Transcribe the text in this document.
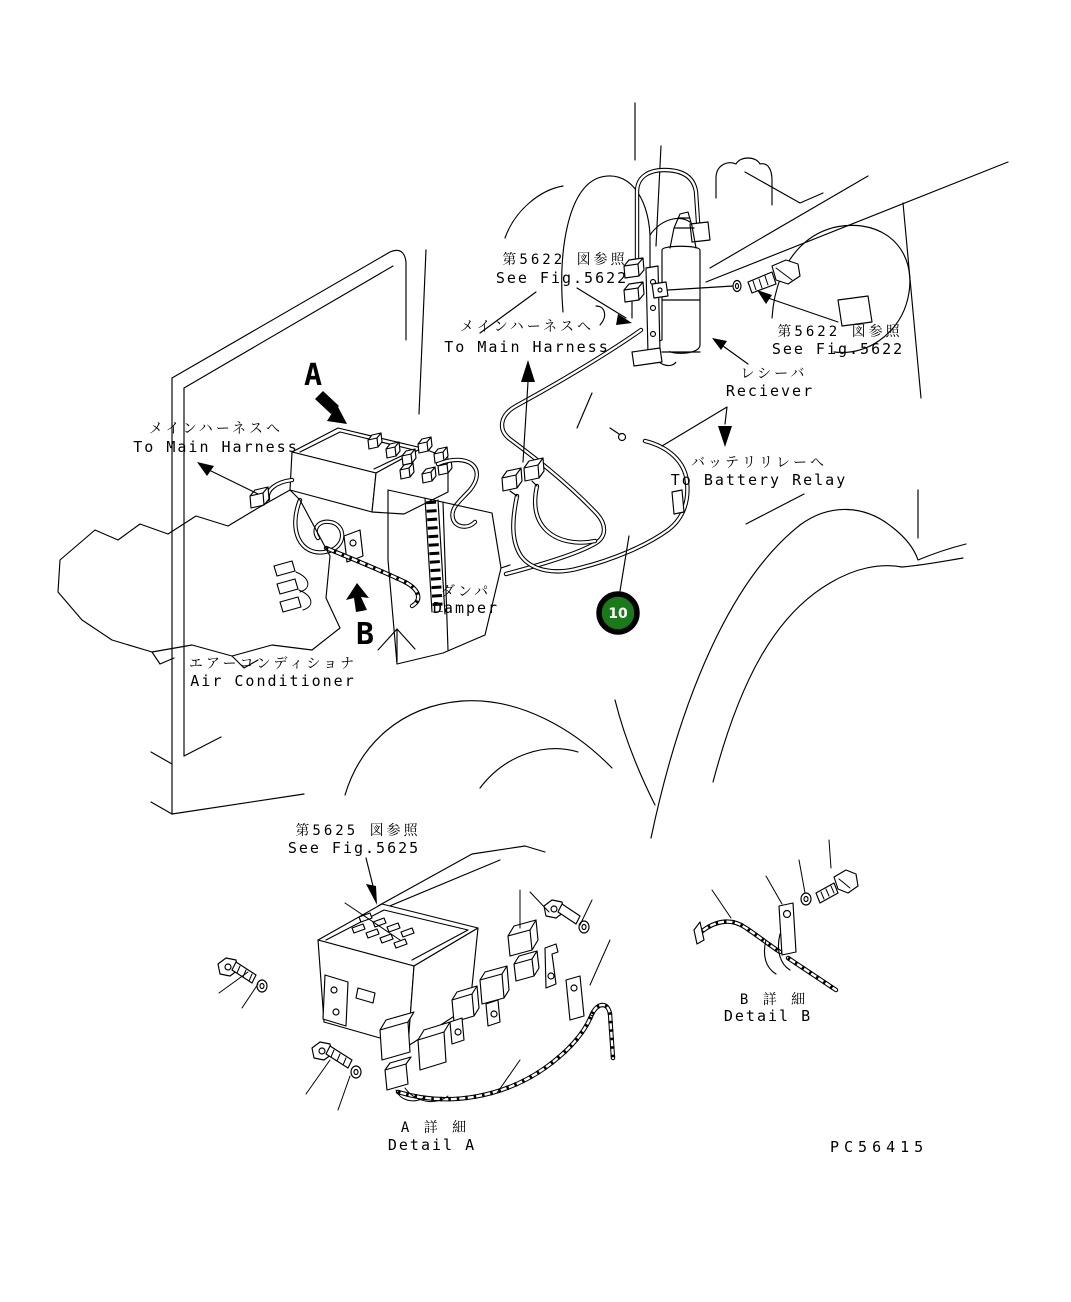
10
第5622 図参照
See Fig.5622
メインハーネスへ
To Main Harness
第5622 図参照
See Fig.5622
レシーバ
Reciever
メインハーネスへ
To Main Harness
バッテリリレーへ
To Battery Relay
ダンパ
Damper
エアーコンディショナ
Air Conditioner
第5625 図参照
See Fig.5625
A 詳 細
Detail A
B 詳 細
Detail B
A
B
PC56415
